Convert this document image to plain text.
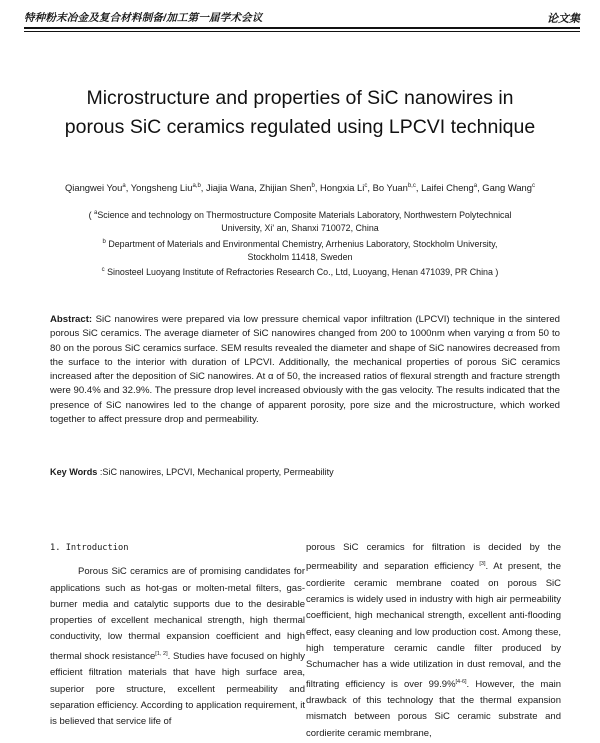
特种粉末冶金及复合材料制备/加工第一届学术会议	论文集
Microstructure and properties of SiC nanowires in
porous SiC ceramics regulated using LPCVI technique
Qiangwei You$^a$, Yongsheng Liu$^{a,b}$, Jiajia Wana, Zhijian Shen$^b$, Hongxia Li$^c$, Bo Yuan$^{b,c}$, Laifei Cheng$^a$, Gang Wang$^c$
( $^a$Science and technology on Thermostructure Composite Materials Laboratory, Northwestern Polytechnical
University, Xi' an, Shanxi 710072, China
$^b$ Department of Materials and Environmental Chemistry, Arrhenius Laboratory, Stockholm University,
Stockholm 11418, Sweden
$^c$ Sinosteel Luoyang Institute of Refractories Research Co., Ltd, Luoyang, Henan 471039, PR China )
Abstract: SiC nanowires were prepared via low pressure chemical vapor infiltration (LPCVI) technique in the sintered porous SiC ceramics. The average diameter of SiC nanowires changed from 200 to 1000nm when varying α from 50 to 80 on the porous SiC ceramics surface. SEM results revealed the diameter and shape of SiC nanowires decreased from the surface to the interior with duration of LPCVI. Additionally, the mechanical properties of porous SiC ceramics increased after the deposition of SiC nanowires. At α of 50, the increased ratios of flexural strength and fracture strength were 90.4% and 32.9%. The pressure drop level increased obviously with the gas velocity. The results indicated that the presence of SiC nanowires led to the change of apparent porosity, pore size and the microstructure, which worked together to affect pressure drop and permeability.
Key Words :SiC nanowires, LPCVI, Mechanical property, Permeability

1. Introduction

Porous SiC ceramics are of promising candidates for applications such as hot-gas or molten-metal filters, gas-burner media and catalytic supports due to the desirable properties of excellent mechanical strength, high thermal conductivity, low thermal expansion coefficient and high thermal shock resistance[1, 2]. Studies have focused on highly efficient filtration materials that have high surface area, superior pore structure, excellent permeability and separation efficiency. According to application requirement, it is believed that service life of

porous SiC ceramics for filtration is decided by the permeability and separation efficiency [3]. At present, the cordierite ceramic membrane coated on porous SiC ceramics is widely used in industry with high air permeability coefficient, high mechanical strength, excellent anti-flooding effect, easy cleaning and low production cost. Among these, high temperature ceramic candle filter produced by Schumacher has a wide utilization in dust removal, and the filtrating efficiency is over 99.9%[4-6]. However, the main drawback of this technology that the thermal expansion mismatch between porous SiC ceramic substrate and cordierite ceramic membrane,
